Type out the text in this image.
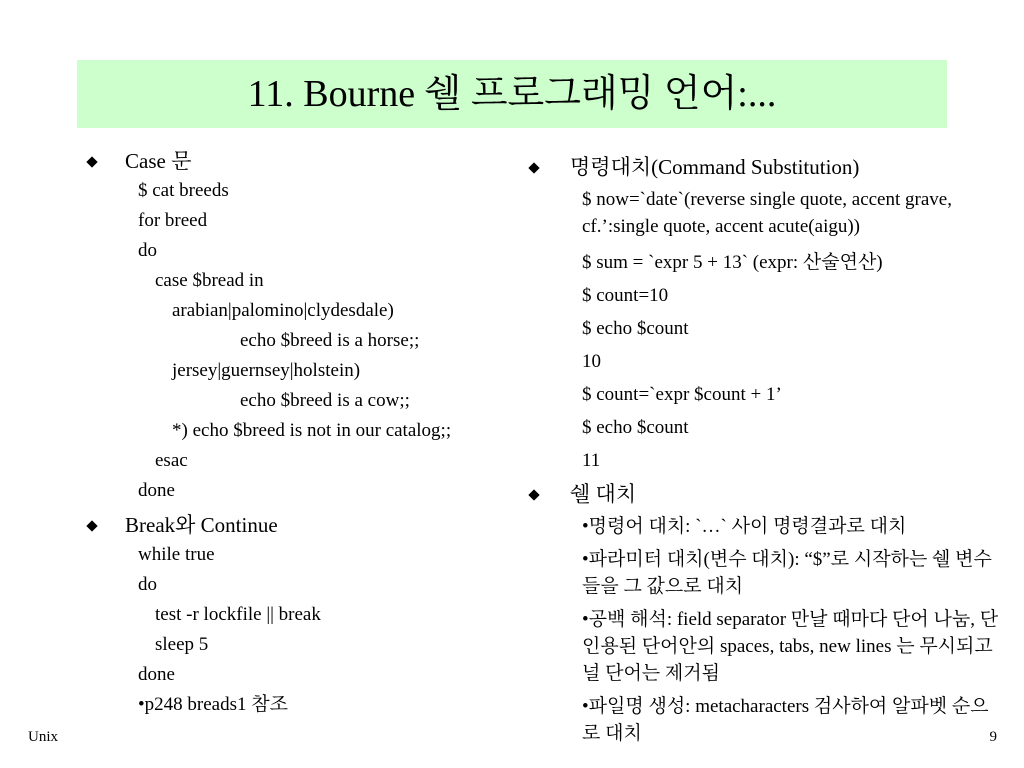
11. Bourne 쉘 프로그래밍 언어:...
Case 문
$ cat breeds
for breed
do
case $bread in
arabian|palomino|clydesdale)
echo $breed is a horse;;
jersey|guernsey|holstein)
echo $breed is a cow;;
*) echo $breed is not in our catalog;;
esac
done
Break와 Continue
while true
do
test -r lockfile || break
sleep 5
done
•p248 breads1 참조
명령대치(Command Substitution)
$ now=`date`(reverse single quote, accent grave, cf.’:single quote, accent acute(aigu))
$ sum = `expr 5 + 13` (expr: 산술연산)
$ count=10
$ echo $count
10
$ count=`expr $count + 1’
$ echo $count
11
쉘 대치
•명령어 대치: `…` 사이 명령결과로 대치
•파라미터 대치(변수 대치): “$”로 시작하는 쉘 변수들을 그 값으로 대치
•공백 해석: field separator 만날 때마다 단어 나눔, 단 인용된 단어안의 spaces, tabs, new lines 는 무시되고 널 단어는 제거됨
•파일명 생성: metacharacters 검사하여 알파벳 순으로 대치
Unix	9
